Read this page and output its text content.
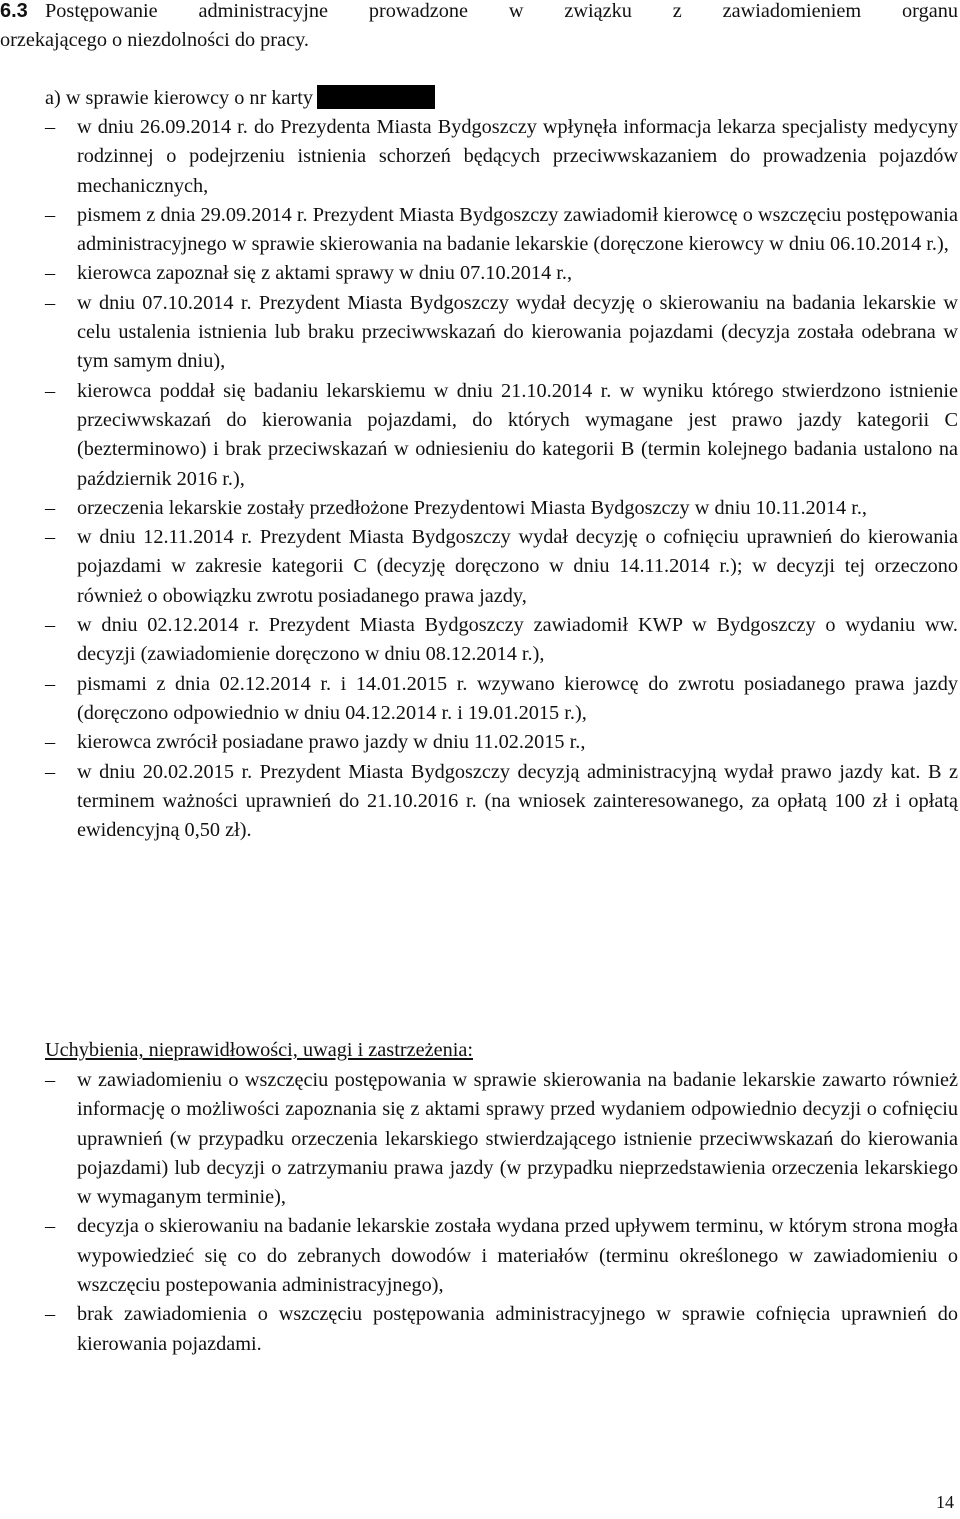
6.3 Postępowanie administracyjne prowadzone w związku z zawiadomieniem organu
orzekającego o niezdolności do pracy.
a) w sprawie kierowcy o nr karty
– w dniu 26.09.2014 r. do Prezydenta Miasta Bydgoszczy wpłynęła informacja lekarza specjalisty medycyny rodzinnej o podejrzeniu istnienia schorzeń będących przeciwwskazaniem do prowadzenia pojazdów mechanicznych,
– pismem z dnia 29.09.2014 r. Prezydent Miasta Bydgoszczy zawiadomił kierowcę o wszczęciu postępowania administracyjnego w sprawie skierowania na badanie lekarskie (doręczone kierowcy w dniu 06.10.2014 r.),
– kierowca zapoznał się z aktami sprawy w dniu 07.10.2014 r.,
– w dniu 07.10.2014 r. Prezydent Miasta Bydgoszczy wydał decyzję o skierowaniu na badania lekarskie w celu ustalenia istnienia lub braku przeciwwskazań do kierowania pojazdami (decyzja została odebrana w tym samym dniu),
– kierowca poddał się badaniu lekarskiemu w dniu 21.10.2014 r. w wyniku którego stwierdzono istnienie przeciwwskazań do kierowania pojazdami, do których wymagane jest prawo jazdy kategorii C (bezterminowo) i brak przeciwskazań w odniesieniu do kategorii B (termin kolejnego badania ustalono na październik 2016 r.),
– orzeczenia lekarskie zostały przedłożone Prezydentowi Miasta Bydgoszczy w dniu 10.11.2014 r.,
– w dniu 12.11.2014 r. Prezydent Miasta Bydgoszczy wydał decyzję o cofnięciu uprawnień do kierowania pojazdami w zakresie kategorii C (decyzję doręczono w dniu 14.11.2014 r.); w decyzji tej orzeczono również o obowiązku zwrotu posiadanego prawa jazdy,
– w dniu 02.12.2014 r. Prezydent Miasta Bydgoszczy zawiadomił KWP w Bydgoszczy o wydaniu ww. decyzji (zawiadomienie doręczono w dniu 08.12.2014 r.),
– pismami z dnia 02.12.2014 r. i 14.01.2015 r. wzywano kierowcę do zwrotu posiadanego prawa jazdy (doręczono odpowiednio w dniu 04.12.2014 r. i 19.01.2015 r.),
– kierowca zwrócił posiadane prawo jazdy w dniu 11.02.2015 r.,
– w dniu 20.02.2015 r. Prezydent Miasta Bydgoszczy decyzją administracyjną wydał prawo jazdy kat. B z terminem ważności uprawnień do 21.10.2016 r. (na wniosek zainteresowanego, za opłatą 100 zł i opłatą ewidencyjną 0,50 zł).
Uchybienia, nieprawidłowości, uwagi i zastrzeżenia:
– w zawiadomieniu o wszczęciu postępowania w sprawie skierowania na badanie lekarskie zawarto również informację o możliwości zapoznania się z aktami sprawy przed wydaniem odpowiednio decyzji o cofnięciu uprawnień (w przypadku orzeczenia lekarskiego stwierdzającego istnienie przeciwwskazań do kierowania pojazdami) lub decyzji o zatrzymaniu prawa jazdy (w przypadku nieprzedstawienia orzeczenia lekarskiego w wymaganym terminie),
– decyzja o skierowaniu na badanie lekarskie została wydana przed upływem terminu, w którym strona mogła wypowiedzieć się co do zebranych dowodów i materiałów (terminu określonego w zawiadomieniu o wszczęciu postepowania administracyjnego),
– brak zawiadomienia o wszczęciu postępowania administracyjnego w sprawie cofnięcia uprawnień do kierowania pojazdami.
14
